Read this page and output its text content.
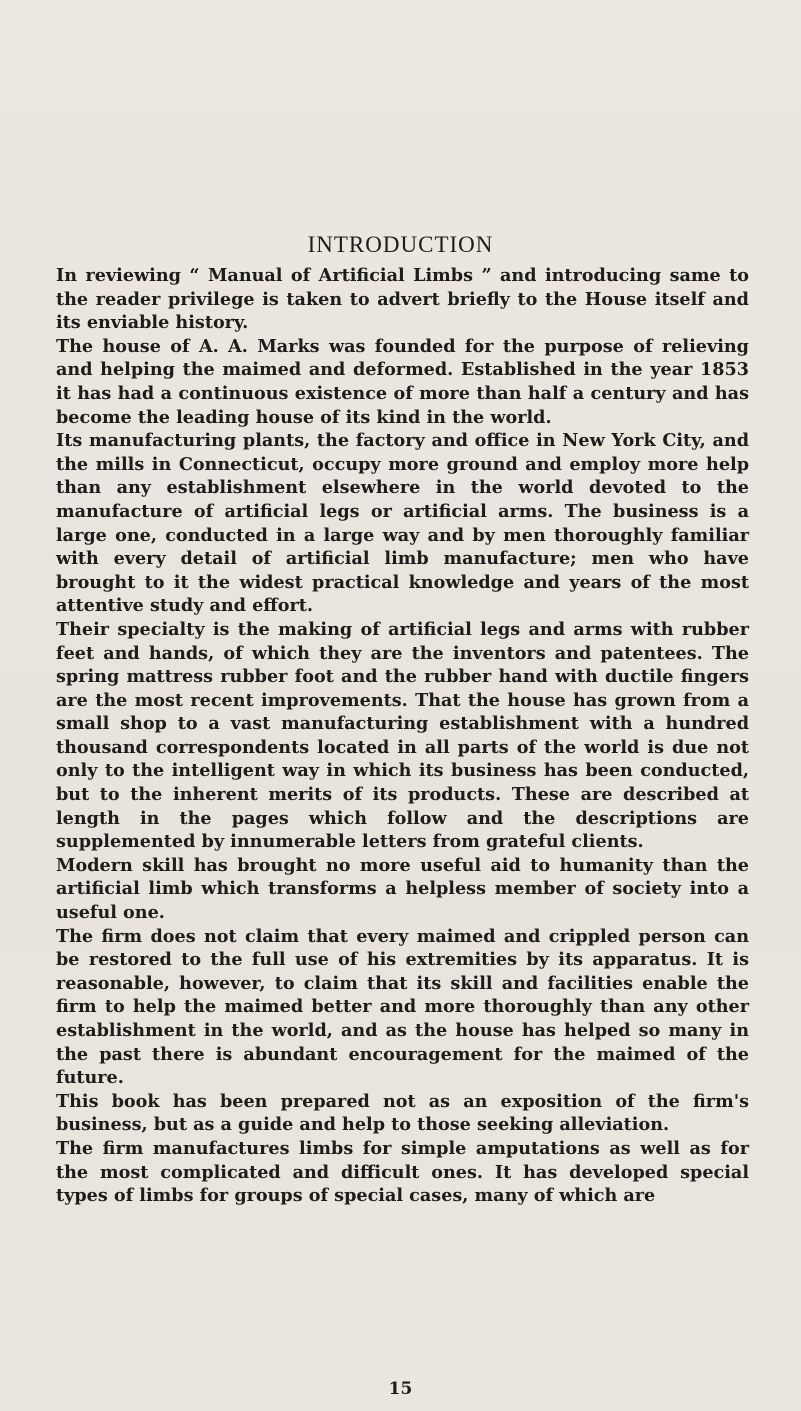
INTRODUCTION

In reviewing “ Manual of Artificial Limbs ” and introducing same to the reader privilege is taken to advert briefly to the House itself and its enviable history.

The house of A. A. Marks was founded for the purpose of relieving and helping the maimed and deformed. Established in the year 1853 it has had a continuous existence of more than half a century and has become the leading house of its kind in the world.

Its manufacturing plants, the factory and office in New York City, and the mills in Connecticut, occupy more ground and employ more help than any establishment elsewhere in the world devoted to the manufacture of artificial legs or artificial arms. The business is a large one, conducted in a large way and by men thoroughly familiar with every detail of artificial limb manufacture; men who have brought to it the widest practical knowledge and years of the most attentive study and effort.

Their specialty is the making of artificial legs and arms with rubber feet and hands, of which they are the inventors and patentees. The spring mattress rubber foot and the rubber hand with ductile fingers are the most recent improvements. That the house has grown from a small shop to a vast manufacturing establishment with a hundred thousand correspondents located in all parts of the world is due not only to the intelligent way in which its business has been conducted, but to the inherent merits of its products. These are described at length in the pages which follow and the descriptions are supplemented by innumerable letters from grateful clients.

Modern skill has brought no more useful aid to humanity than the artificial limb which transforms a helpless member of society into a useful one.

The firm does not claim that every maimed and crippled person can be restored to the full use of his extremities by its apparatus. It is reasonable, however, to claim that its skill and facilities enable the firm to help the maimed better and more thoroughly than any other establishment in the world, and as the house has helped so many in the past there is abundant encouragement for the maimed of the future.

This book has been prepared not as an exposition of the firm's business, but as a guide and help to those seeking alleviation.

The firm manufactures limbs for simple amputations as well as for the most complicated and difficult ones. It has developed special types of limbs for groups of special cases, many of which are

15
